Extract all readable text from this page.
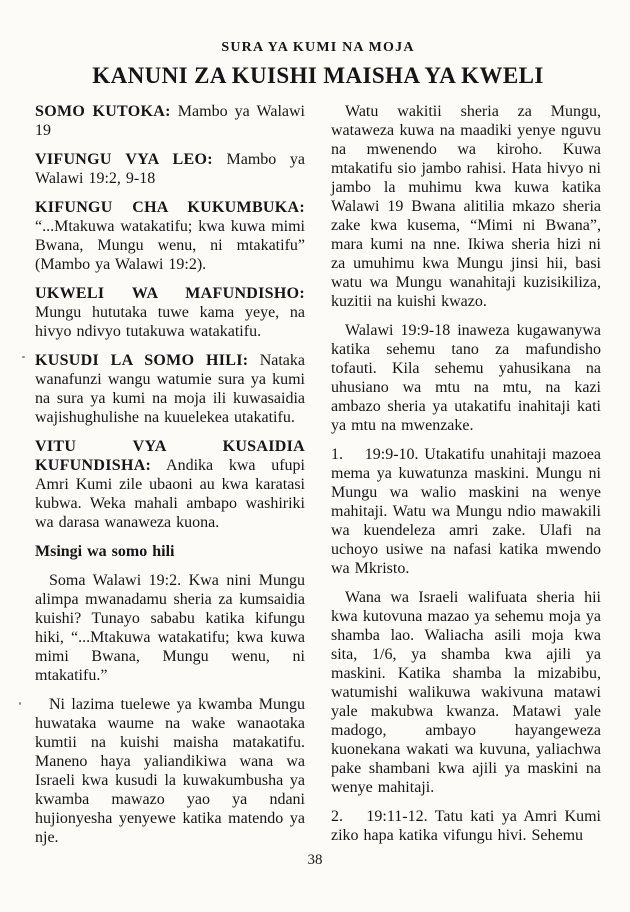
SURA YA KUMI NA MOJA
KANUNI ZA KUISHI MAISHA YA KWELI

SOMO KUTOKA: Mambo ya Walawi 19

VIFUNGU VYA LEO: Mambo ya Walawi 19:2, 9-18

KIFUNGU CHA KUKUMBUKA: “...Mtakuwa watakatifu; kwa kuwa mimi Bwana, Mungu wenu, ni mtakatifu” (Mambo ya Walawi 19:2).

UKWELI WA MAFUNDISHO: Mungu hututaka tuwe kama yeye, na hivyo ndivyo tutakuwa watakatifu.

KUSUDI LA SOMO HILI: Nataka wanafunzi wangu watumie sura ya kumi na sura ya kumi na moja ili kuwasaidia wajishughulishe na kuuelekea utakatifu.

VITU VYA KUSAIDIA KUFUNDISHA: Andika kwa ufupi Amri Kumi zile ubaoni au kwa karatasi kubwa. Weka mahali ambapo washiriki wa darasa wanaweza kuona.

Msingi wa somo hili

Soma Walawi 19:2. Kwa nini Mungu alimpa mwanadamu sheria za kumsaidia kuishi? Tunayo sababu katika kifungu hiki, “...Mtakuwa watakatifu; kwa kuwa mimi Bwana, Mungu wenu, ni mtakatifu.”

Ni lazima tuelewe ya kwamba Mungu huwataka waume na wake wanaotaka kumtii na kuishi maisha matakatifu. Maneno haya yaliandikiwa wana wa Israeli kwa kusudi la kuwakumbusha ya kwamba mawazo yao ya ndani hujionyesha yenyewe katika matendo ya nje.

Watu wakitii sheria za Mungu, wataweza kuwa na maadiki yenye nguvu na mwenendo wa kiroho. Kuwa mtakatifu sio jambo rahisi. Hata hivyo ni jambo la muhimu kwa kuwa katika Walawi 19 Bwana alitilia mkazo sheria zake kwa kusema, “Mimi ni Bwana”, mara kumi na nne. Ikiwa sheria hizi ni za umuhimu kwa Mungu jinsi hii, basi watu wa Mungu wanahitaji kuzisikiliza, kuzitii na kuishi kwazo.

Walawi 19:9-18 inaweza kugawanywa katika sehemu tano za mafundisho tofauti. Kila sehemu yahusikana na uhusiano wa mtu na mtu, na kazi ambazo sheria ya utakatifu inahitaji kati ya mtu na mwenzake.

1.  19:9-10. Utakatifu unahitaji mazoea mema ya kuwatunza maskini. Mungu ni Mungu wa walio maskini na wenye mahitaji. Watu wa Mungu ndio mawakili wa kuendeleza amri zake. Ulafi na uchoyo usiwe na nafasi katika mwendo wa Mkristo.

Wana wa Israeli walifuata sheria hii kwa kutovuna mazao ya sehemu moja ya shamba lao. Waliacha asili moja kwa sita, 1/6, ya shamba kwa ajili ya maskini. Katika shamba la mizabibu, watumishi walikuwa wakivuna matawi yale makubwa kwanza. Matawi yale madogo, ambayo hayangeweza kuonekana wakati wa kuvuna, yaliachwa pake shambani kwa ajili ya maskini na wenye mahitaji.

2.  19:11-12. Tatu kati ya Amri Kumi ziko hapa katika vifungu hivi. Sehemu

38
